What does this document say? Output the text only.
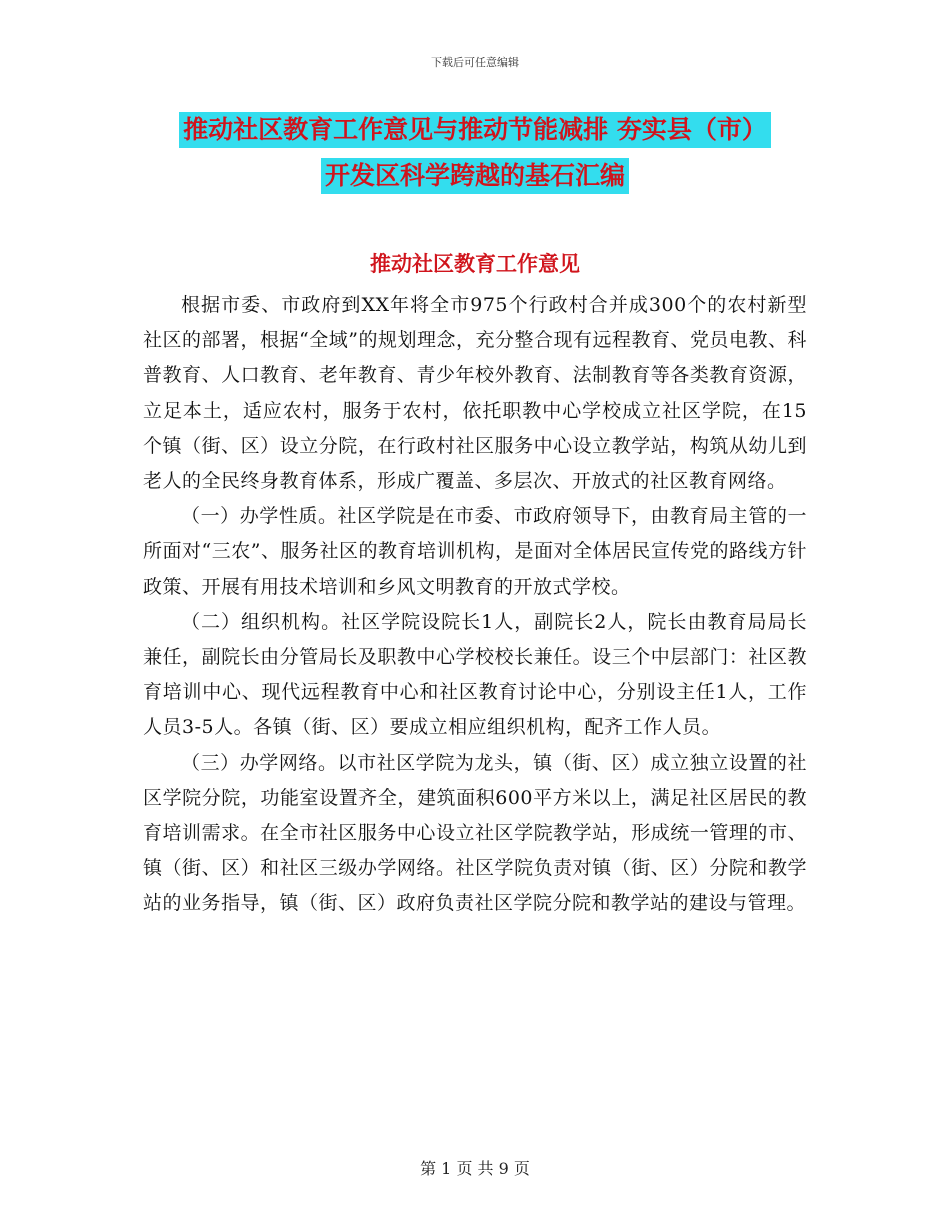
下载后可任意编辑
推动社区教育工作意见与推动节能减排 夯实县（市）
开发区科学跨越的基石汇编
推动社区教育工作意见

根据市委、市政府到XX年将全市975个行政村合并成300个的农村新型社区的部署，根据“全域”的规划理念，充分整合现有远程教育、党员电教、科普教育、人口教育、老年教育、青少年校外教育、法制教育等各类教育资源，立足本土，适应农村，服务于农村，依托职教中心学校成立社区学院，在15个镇（街、区）设立分院，在行政村社区服务中心设立教学站，构筑从幼儿到老人的全民终身教育体系，形成广覆盖、多层次、开放式的社区教育网络。

（一）办学性质。社区学院是在市委、市政府领导下，由教育局主管的一所面对“三农”、服务社区的教育培训机构，是面对全体居民宣传党的路线方针政策、开展有用技术培训和乡风文明教育的开放式学校。

（二）组织机构。社区学院设院长1人，副院长2人，院长由教育局局长兼任，副院长由分管局长及职教中心学校校长兼任。设三个中层部门：社区教育培训中心、现代远程教育中心和社区教育讨论中心，分别设主任1人，工作人员3-5人。各镇（街、区）要成立相应组织机构，配齐工作人员。

（三）办学网络。以市社区学院为龙头，镇（街、区）成立独立设置的社区学院分院，功能室设置齐全，建筑面积600平方米以上，满足社区居民的教育培训需求。在全市社区服务中心设立社区学院教学站，形成统一管理的市、镇（街、区）和社区三级办学网络。社区学院负责对镇（街、区）分院和教学站的业务指导，镇（街、区）政府负责社区学院分院和教学站的建设与管理。

第 1 页 共 9 页
